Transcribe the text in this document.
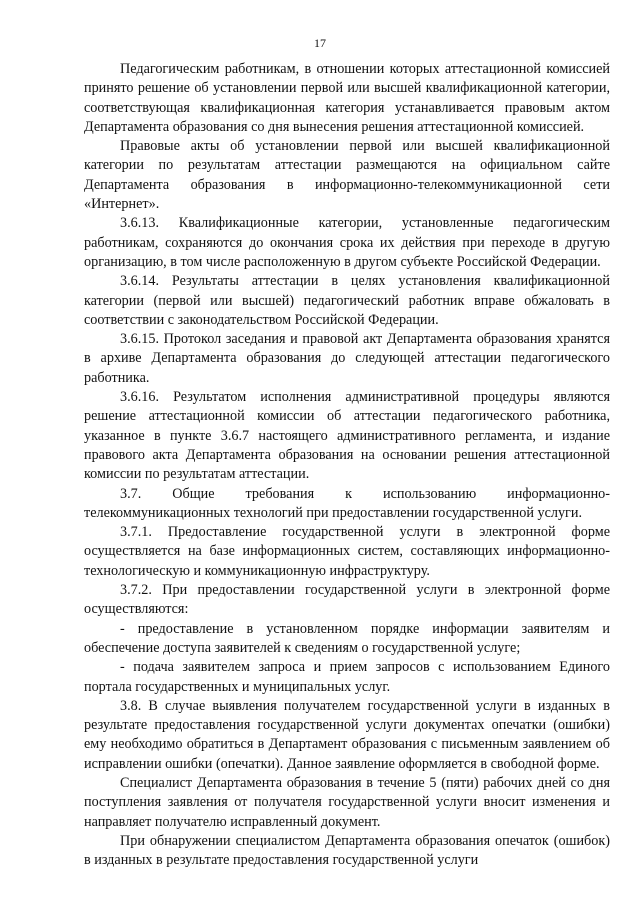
17

Педагогическим работникам, в отношении которых аттестационной комиссией принято решение об установлении первой или высшей квалификационной категории, соответствующая квалификационная категория устанавливается правовым актом Департамента образования со дня вынесения решения аттестационной комиссией.

Правовые акты об установлении первой или высшей квалификационной категории по результатам аттестации размещаются на официальном сайте Департамента образования в информационно-телекоммуникационной сети «Интернет».

3.6.13. Квалификационные категории, установленные педагогическим работникам, сохраняются до окончания срока их действия при переходе в другую организацию, в том числе расположенную в другом субъекте Российской Федерации.

3.6.14. Результаты аттестации в целях установления квалификационной категории (первой или высшей) педагогический работник вправе обжаловать в соответствии с законодательством Российской Федерации.

3.6.15. Протокол заседания и правовой акт Департамента образования хранятся в архиве Департамента образования до следующей аттестации педагогического работника.

3.6.16. Результатом исполнения административной процедуры являются решение аттестационной комиссии об аттестации педагогического работника, указанное в пункте 3.6.7 настоящего административного регламента, и издание правового акта Департамента образования на основании решения аттестационной комиссии по результатам аттестации.

3.7. Общие требования к использованию информационно-телекоммуникационных технологий при предоставлении государственной услуги.

3.7.1. Предоставление государственной услуги в электронной форме осуществляется на базе информационных систем, составляющих информационно-технологическую и коммуникационную инфраструктуру.

3.7.2. При предоставлении государственной услуги в электронной форме осуществляются:

- предоставление в установленном порядке информации заявителям и обеспечение доступа заявителей к сведениям о государственной услуге;

- подача заявителем запроса и прием запросов с использованием Единого портала государственных и муниципальных услуг.

3.8. В случае выявления получателем государственной услуги в изданных в результате предоставления государственной услуги документах опечатки (ошибки) ему необходимо обратиться в Департамент образования с письменным заявлением об исправлении ошибки (опечатки). Данное заявление оформляется в свободной форме.

Специалист Департамента образования в течение 5 (пяти) рабочих дней со дня поступления заявления от получателя государственной услуги вносит изменения и направляет получателю исправленный документ.

При обнаружении специалистом Департамента образования опечаток (ошибок) в изданных в результате предоставления государственной услуги
